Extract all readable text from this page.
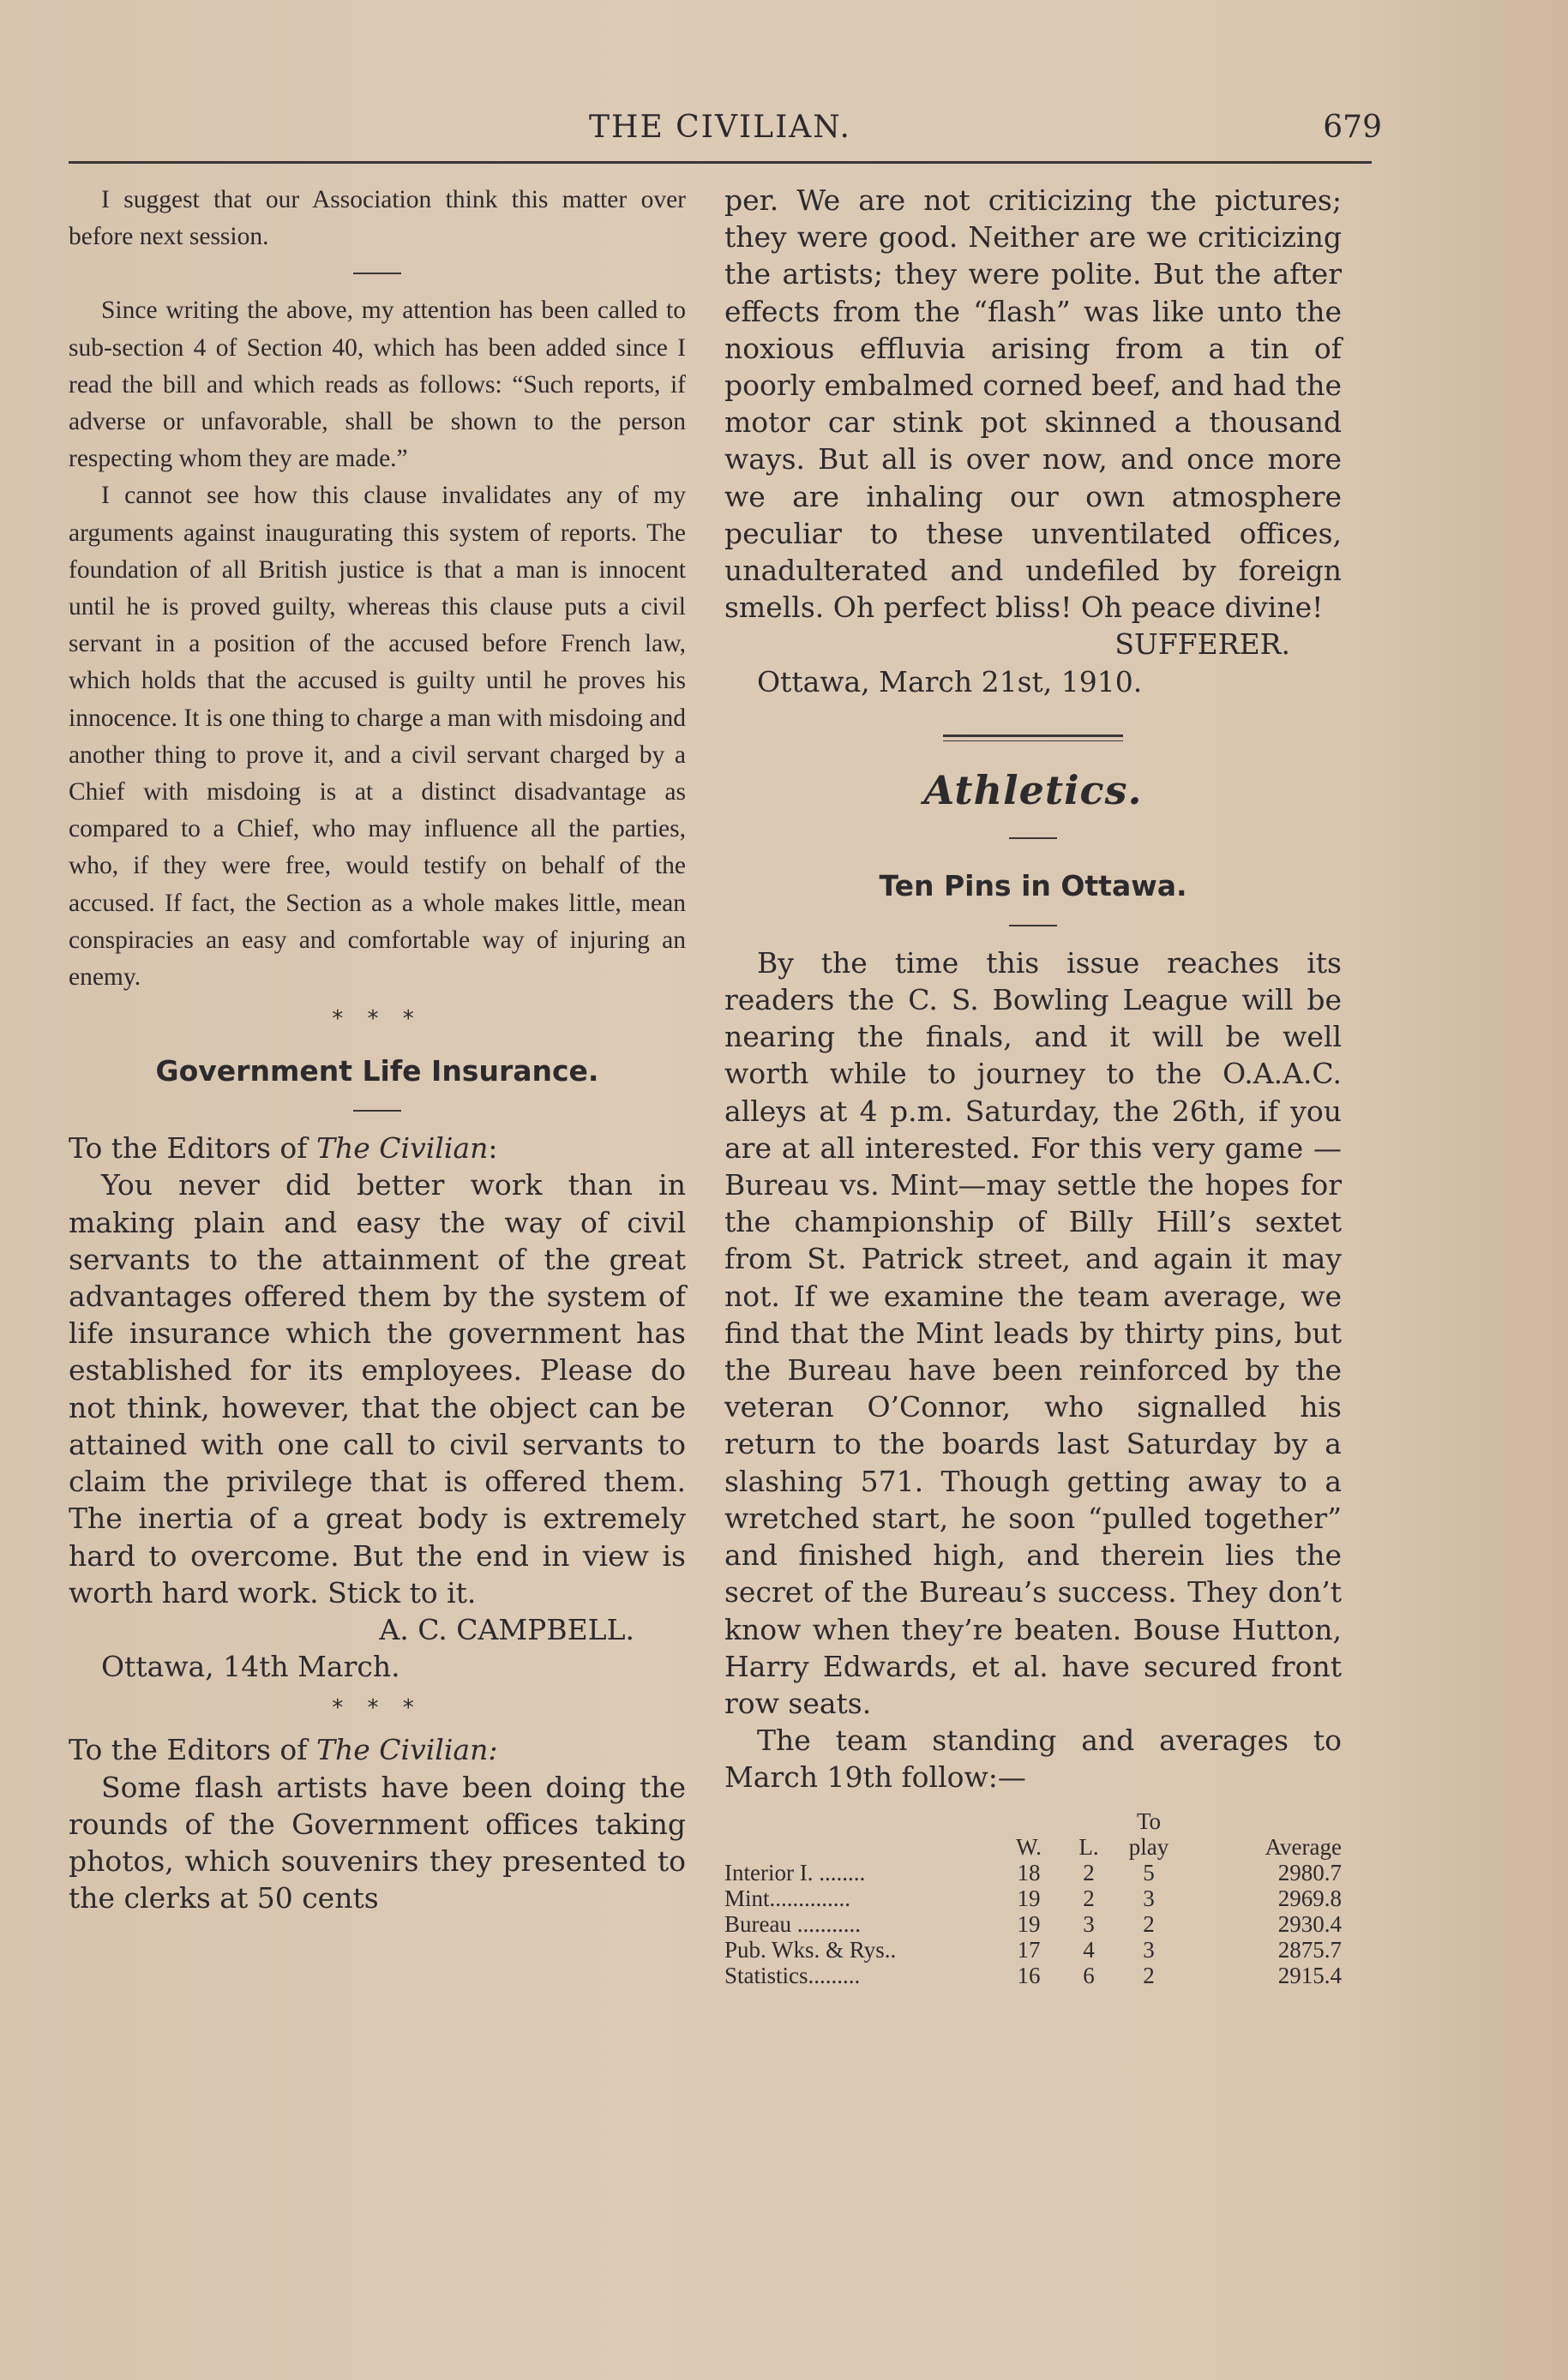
THE CIVILIAN.	679

I suggest that our Association think this matter over before next session.

Since writing the above, my attention has been called to sub-section 4 of Section 40, which has been added since I read the bill and which reads as follows: “Such reports, if adverse or unfavorable, shall be shown to the person respecting whom they are made.”

I cannot see how this clause invalidates any of my arguments against inaugurating this system of reports. The foundation of all British justice is that a man is innocent until he is proved guilty, whereas this clause puts a civil servant in a position of the accused before French law, which holds that the accused is guilty until he proves his innocence. It is one thing to charge a man with misdoing and another thing to prove it, and a civil servant charged by a Chief with misdoing is at a distinct disadvantage as compared to a Chief, who may influence all the parties, who, if they were free, would testify on behalf of the accused. If fact, the Section as a whole makes little, mean conspiracies an easy and comfortable way of injuring an enemy.

* * *
Government Life Insurance.

To the Editors of The Civilian:

You never did better work than in making plain and easy the way of civil servants to the attainment of the great advantages offered them by the system of life insurance which the government has established for its employees. Please do not think, however, that the object can be attained with one call to civil servants to claim the privilege that is offered them. The inertia of a great body is extremely hard to overcome. But the end in view is worth hard work. Stick to it.

A. C. CAMPBELL.

Ottawa, 14th March.

* * *

To the Editors of The Civilian:

Some flash artists have been doing the rounds of the Government offices taking photos, which souvenirs they presented to the clerks at 50 cents

per. We are not criticizing the pictures; they were good. Neither are we criticizing the artists; they were polite. But the after effects from the “flash” was like unto the noxious effluvia arising from a tin of poorly embalmed corned beef, and had the motor car stink pot skinned a thousand ways. But all is over now, and once more we are inhaling our own atmosphere peculiar to these unventilated offices, unadulterated and undefiled by foreign smells. Oh perfect bliss! Oh peace divine!

SUFFERER.

Ottawa, March 21st, 1910.

Athletics.
Ten Pins in Ottawa.

By the time this issue reaches its readers the C. S. Bowling League will be nearing the finals, and it will be well worth while to journey to the O.A.A.C. alleys at 4 p.m. Saturday, the 26th, if you are at all interested. For this very game — Bureau vs. Mint—may settle the hopes for the championship of Billy Hill’s sextet from St. Patrick street, and again it may not. If we examine the team average, we find that the Mint leads by thirty pins, but the Bureau have been reinforced by the veteran O’Connor, who signalled his return to the boards last Saturday by a slashing 571. Though getting away to a wretched start, he soon “pulled together” and finished high, and therein lies the secret of the Bureau’s success. They don’t know when they’re beaten. Bouse Hutton, Harry Edwards, et al. have secured front row seats.

The team standing and averages to March 19th follow:—

			To	
	W.	L.	play	Average
Interior I. ........	18	2	5	2980.7
Mint..............	19	2	3	2969.8
Bureau ...........	19	3	2	2930.4
Pub. Wks. & Rys..	17	4	3	2875.7
Statistics.........	16	6	2	2915.4
